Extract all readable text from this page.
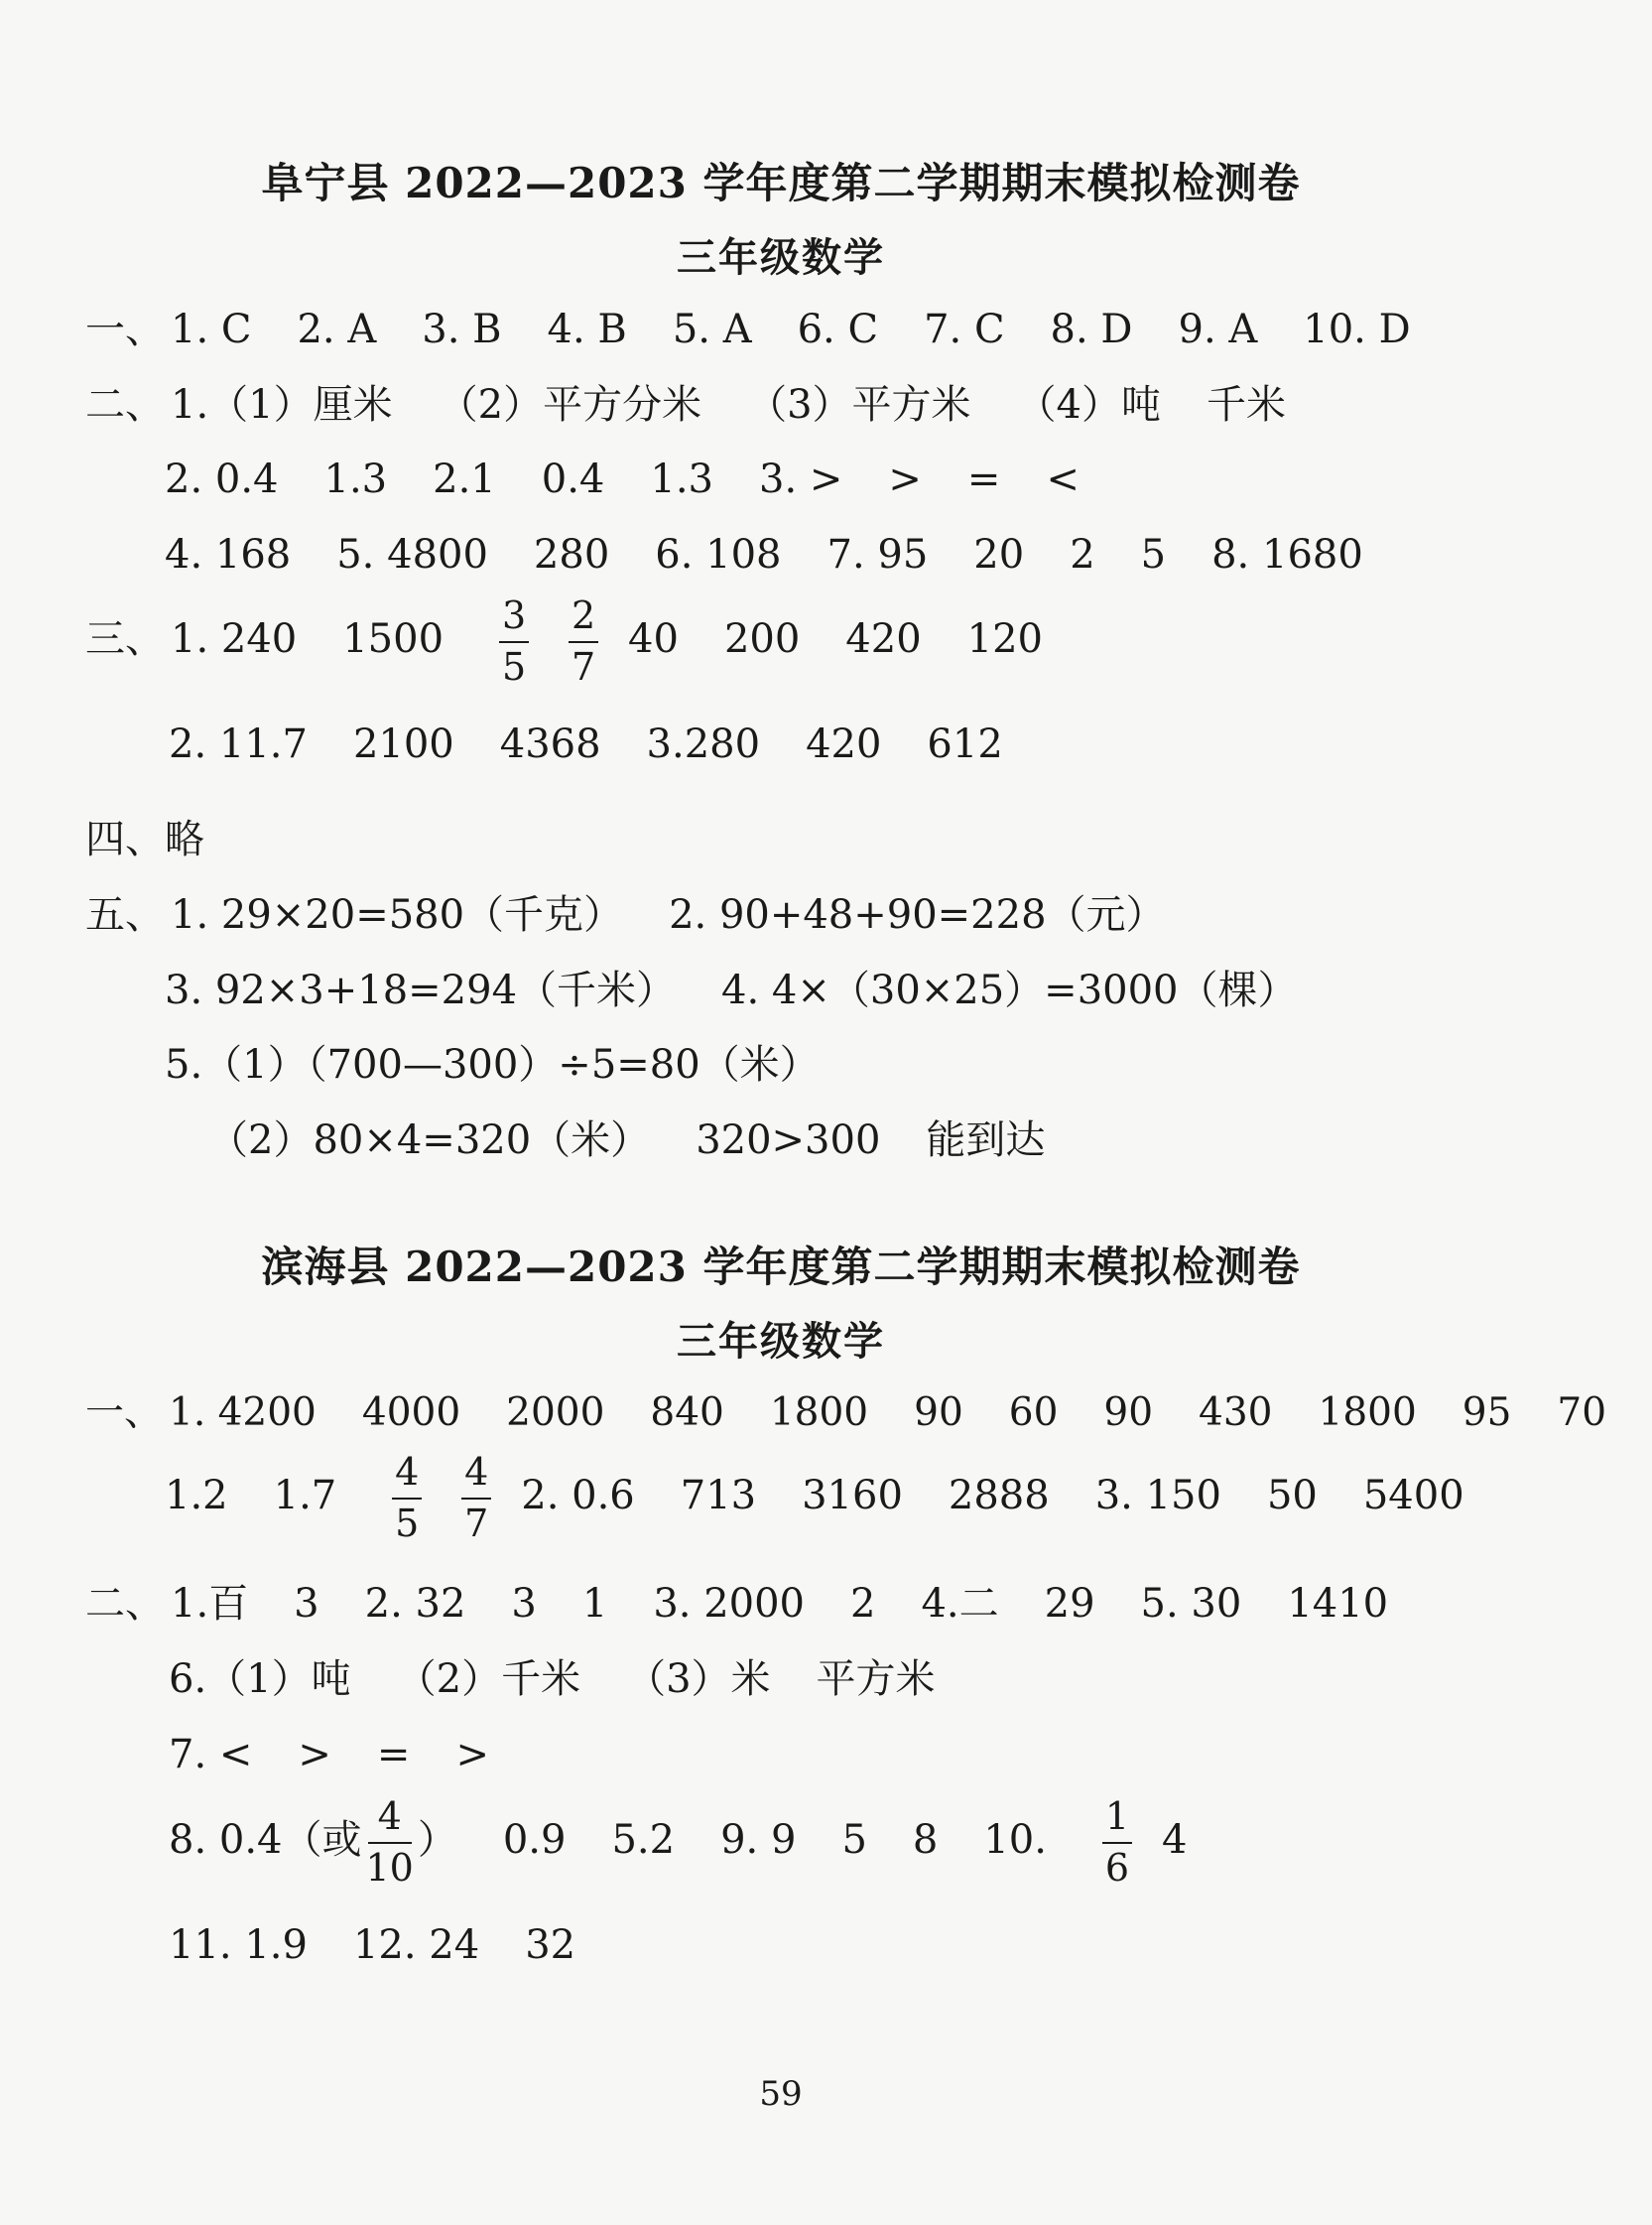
阜宁县 2022—2023 学年度第二学期期末模拟检测卷
三年级数学
一、 1. C 2. A 3. B 4. B 5. A 6. C 7. C 8. D 9. A 10. D
二、 1.（1）厘米 （2）平方分米 （3）平方米 （4）吨 千米
2. 0.4 1.3 2.1 0.4 1.3 3. > > = <
4. 168 5. 4800 280 6. 108 7. 95 20 2 5 8. 1680
三、 1. 240 $1500 \frac{3}{5} \frac{2}{7} 40$ 200 420 120
2. 11.7 2100 4368 3.280 420 612
四、略
五、 1. 29×20=580（千克） 2. 90+48+90=228（元）
3. 92×3+18=294（千米） 4. 4×（30×25）=3000（棵）
5.（1）（700—300）÷5=80（米）
（2）80×4=320（米） 320>300 能到达
滨海县 2022—2023 学年度第二学期期末模拟检测卷
三年级数学
一、 1. 4200 4000 2000 840 1800 90 60 90 430 1800 95 70
1.2 $1.7 \frac{4}{5} \frac{4}{7} 2$. 0.6 713 3160 2888 3. 150 50 5400
二、 1.百 3 2. 32 3 1 3. 2000 2 4.二 29 5. 30 1410
6.（1）吨 （2）千米 （3）米 平方米
7. < > = >
8. 0.4（或 $\frac{4}{10}$ ） 0.9 5.2 9. 9 5 8 10. $\frac{1}{6} 4$
11. 1.9 12. 24 32
59
